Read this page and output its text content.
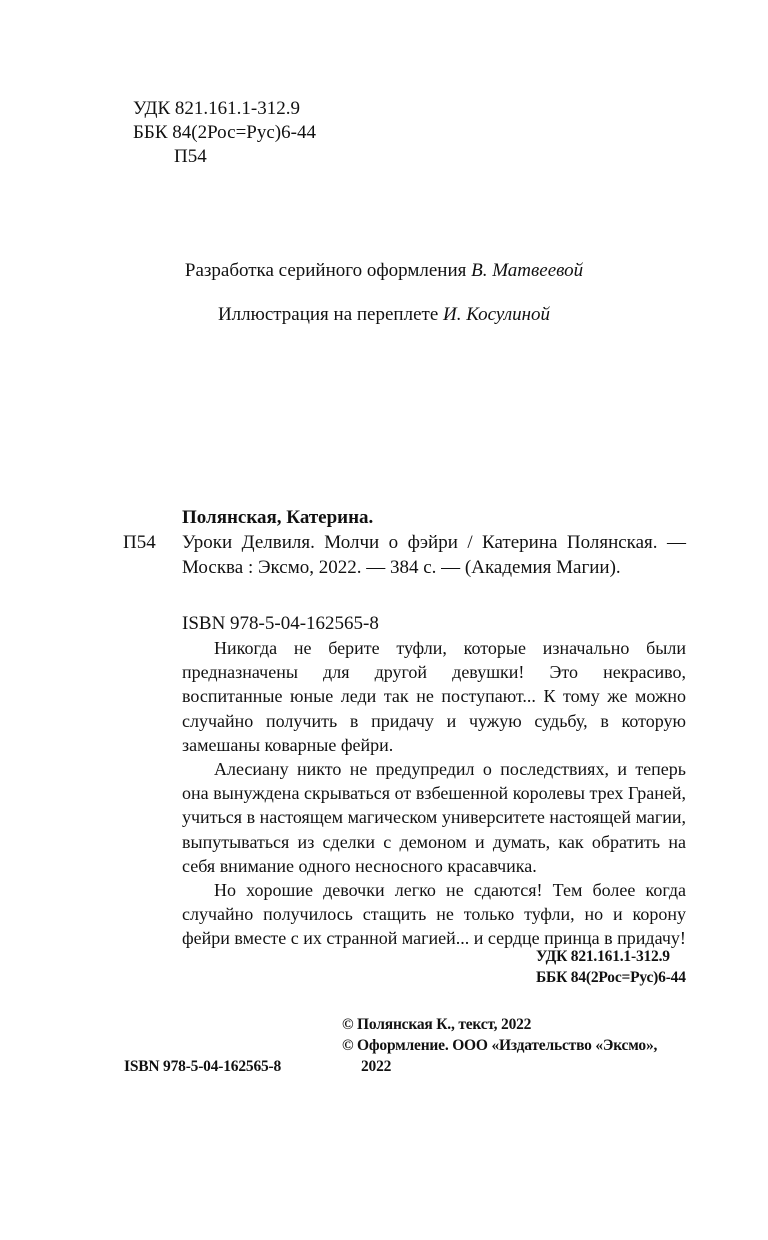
УДК 821.161.1-312.9
ББК 84(2Рос=Рус)6-44
П54
Разработка серийного оформления В. Матвеевой
Иллюстрация на переплете И. Косулиной
Полянская, Катерина.
П54 Уроки Делвиля. Молчи о фэйри / Катерина Полянская. — Москва : Эксмо, 2022. — 384 с. — (Академия Магии).
ISBN 978-5-04-162565-8

Никогда не берите туфли, которые изначально были предназначены для другой девушки! Это некрасиво, воспитанные юные леди так не поступают... К тому же можно случайно получить в придачу и чужую судьбу, в которую замешаны коварные фейри.

Алесиану никто не предупредил о последствиях, и теперь она вынуждена скрываться от взбешенной королевы трех Граней, учиться в настоящем магическом университете настоящей магии, выпутываться из сделки с демоном и думать, как обратить на себя внимание одного несносного красавчика.

Но хорошие девочки легко не сдаются! Тем более когда случайно получилось стащить не только туфли, но и корону фейри вместе с их странной магией... и сердце принца в придачу!

УДК 821.161.1-312.9
ББК 84(2Рос=Рус)6-44
© Полянская К., текст, 2022
© Оформление. ООО «Издательство «Эксмо»,
2022
ISBN 978-5-04-162565-8
